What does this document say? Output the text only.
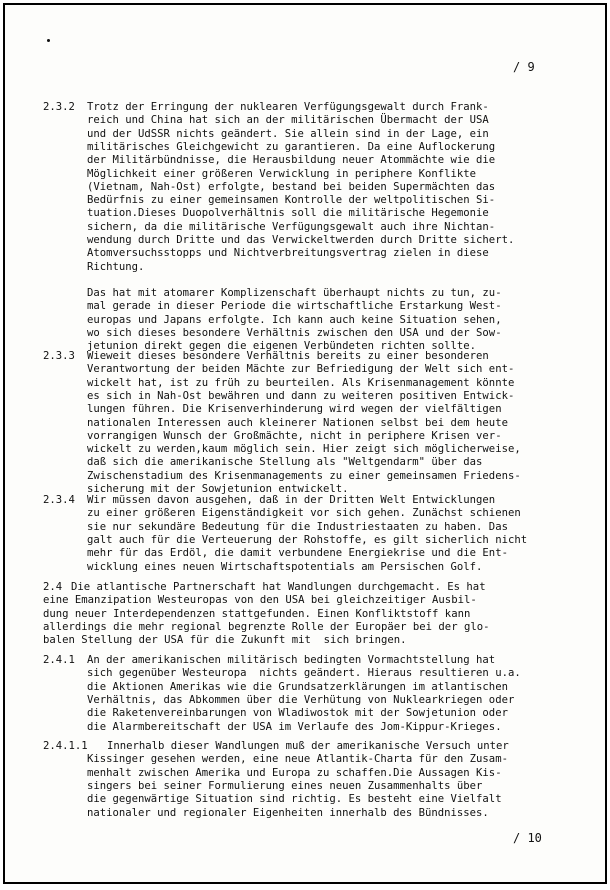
/ 9
2.3.2 Trotz der Erringung der nuklearen Verfügungsgewalt durch Frank-
reich und China hat sich an der militärischen Übermacht der USA
und der UdSSR nichts geändert. Sie allein sind in der Lage, ein
militärisches Gleichgewicht zu garantieren. Da eine Auflockerung
der Militärbündnisse, die Herausbildung neuer Atommächte wie die
Möglichkeit einer größeren Verwicklung in periphere Konflikte
(Vietnam, Nah-Ost) erfolgte, bestand bei beiden Supermächten das
Bedürfnis zu einer gemeinsamen Kontrolle der weltpolitischen Si-
tuation.Dieses Duopolverhältnis soll die militärische Hegemonie
sichern, da die militärische Verfügungsgewalt auch ihre Nichtan-
wendung durch Dritte und das Verwickeltwerden durch Dritte sichert.
Atomversuchsstopps und Nichtverbreitungsvertrag zielen in diese
Richtung.
Das hat mit atomarer Komplizenschaft überhaupt nichts zu tun, zu-
mal gerade in dieser Periode die wirtschaftliche Erstarkung West-
europas und Japans erfolgte. Ich kann auch keine Situation sehen,
wo sich dieses besondere Verhältnis zwischen den USA und der Sow-
jetunion direkt gegen die eigenen Verbündeten richten sollte.
2.3.3 Wieweit dieses besondere Verhältnis bereits zu einer besonderen
Verantwortung der beiden Mächte zur Befriedigung der Welt sich ent-
wickelt hat, ist zu früh zu beurteilen. Als Krisenmanagement könnte
es sich in Nah-Ost bewähren und dann zu weiteren positiven Entwick-
lungen führen. Die Krisenverhinderung wird wegen der vielfältigen
nationalen Interessen auch kleinerer Nationen selbst bei dem heute
vorrangigen Wunsch der Großmächte, nicht in periphere Krisen ver-
wickelt zu werden,kaum möglich sein. Hier zeigt sich möglicherweise,
daß sich die amerikanische Stellung als "Weltgendarm" über das
Zwischenstadium des Krisenmanagements zu einer gemeinsamen Friedens-
sicherung mit der Sowjetunion entwickelt.
2.3.4 Wir müssen davon ausgehen, daß in der Dritten Welt Entwicklungen
zu einer größeren Eigenständigkeit vor sich gehen. Zunächst schienen
sie nur sekundäre Bedeutung für die Industriestaaten zu haben. Das
galt auch für die Verteuerung der Rohstoffe, es gilt sicherlich nicht
mehr für das Erdöl, die damit verbundene Energiekrise und die Ent-
wicklung eines neuen Wirtschaftspotentials am Persischen Golf.
2.4 Die atlantische Partnerschaft hat Wandlungen durchgemacht. Es hat
eine Emanzipation Westeuropas von den USA bei gleichzeitiger Ausbil-
dung neuer Interdependenzen stattgefunden. Einen Konfliktstoff kann
allerdings die mehr regional begrenzte Rolle der Europäer bei der glo-
balen Stellung der USA für die Zukunft mit  sich bringen.
2.4.1 An der amerikanischen militärisch bedingten Vormachtstellung hat
sich gegenüber Westeuropa  nichts geändert. Hieraus resultieren u.a.
die Aktionen Amerikas wie die Grundsatzerklärungen im atlantischen
Verhältnis, das Abkommen über die Verhütung von Nuklearkriegen oder
die Raketenvereinbarungen von Wladiwostok mit der Sowjetunion oder
die Alarmbereitschaft der USA im Verlaufe des Jom-Kippur-Krieges.
2.4.1.1 Innerhalb dieser Wandlungen muß der amerikanische Versuch unter
Kissinger gesehen werden, eine neue Atlantik-Charta für den Zusam-
menhalt zwischen Amerika und Europa zu schaffen.Die Aussagen Kis-
singers bei seiner Formulierung eines neuen Zusammenhalts über
die gegenwärtige Situation sind richtig. Es besteht eine Vielfalt
nationaler und regionaler Eigenheiten innerhalb des Bündnisses.
/ 10
